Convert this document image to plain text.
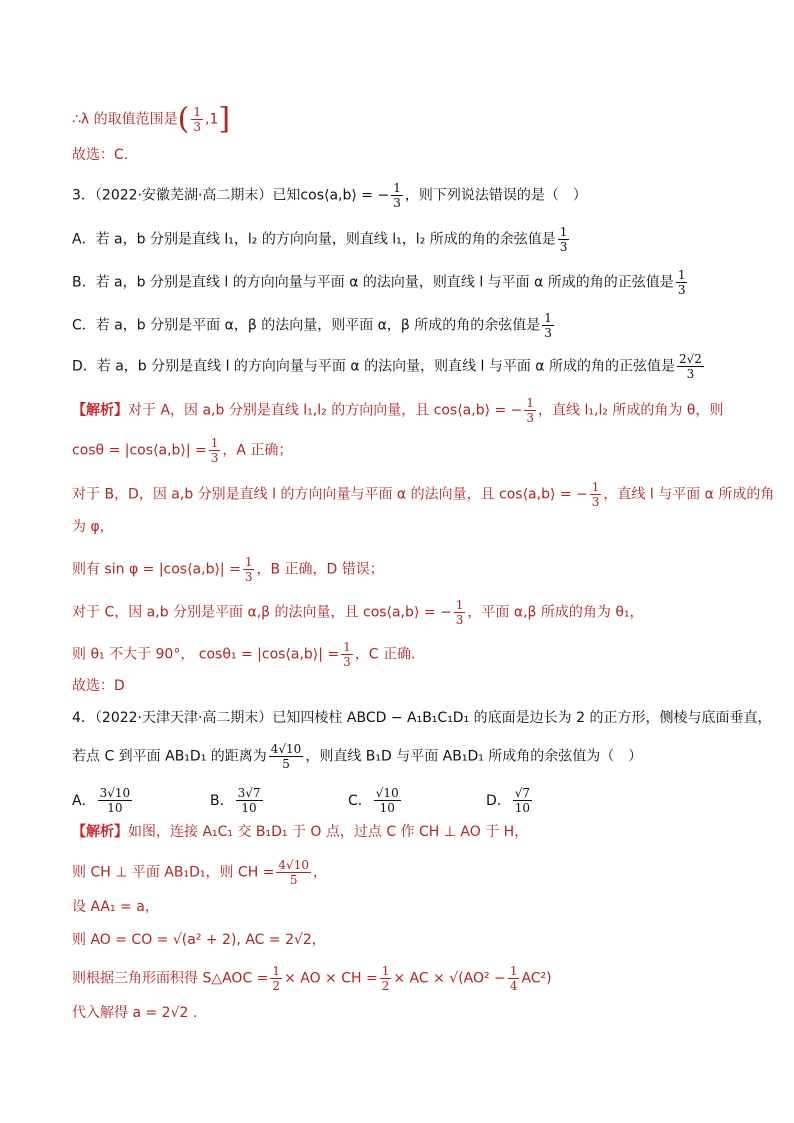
∴λ 的取值范围是( $\frac{1}{3} ,1$]
故选：C.
3．（2022·安徽芜湖·高二期末）已知cos⟨a,b⟩ = − $\frac{1}{3}$ ，则下列说法错误的是（　）
A．若 a，b 分别是直线 l₁，l₂ 的方向向量，则直线 l₁，l₂ 所成的角的余弦值是 $\frac{1}{3}$
B．若 a，b 分别是直线 l 的方向向量与平面 α 的法向量，则直线 l 与平面 α 所成的角的正弦值是 $\frac{1}{3}$
C．若 a，b 分别是平面 α，β 的法向量，则平面 α，β 所成的角的余弦值是 $\frac{1}{3}$
D．若 a，b 分别是直线 l 的方向向量与平面 α 的法向量，则直线 l 与平面 α 所成的角的正弦值是 $\frac{2√2}{3}$
【解析】对于 A，因 a,b 分别是直线 l₁,l₂ 的方向向量，且 cos⟨a,b⟩ = − $\frac{1}{3}$ ，直线 l₁,l₂ 所成的角为 θ，则
cosθ = |cos⟨a,b⟩| = $\frac{1}{3}$ ，A 正确；
对于 B，D，因 a,b 分别是直线 l 的方向向量与平面 α 的法向量，且 cos⟨a,b⟩ = − $\frac{1}{3}$ ，直线 l 与平面 α 所成的角
为 φ，
则有 sin φ = |cos⟨a,b⟩| = $\frac{1}{3}$ ，B 正确，D 错误；
对于 C，因 a,b 分别是平面 α,β 的法向量，且 cos⟨a,b⟩ = − $\frac{1}{3}$ ，平面 α,β 所成的角为 θ₁，
则 θ₁ 不大于 90°， cosθ₁ = |cos⟨a,b⟩| = $\frac{1}{3}$ ，C 正确.
故选：D
4．（2022·天津天津·高二期末）已知四棱柱 ABCD − A₁B₁C₁D₁ 的底面是边长为 2 的正方形，侧棱与底面垂直，
若点 C 到平面 AB₁D₁ 的距离为 $\frac{4√10}{5}$ ，则直线 B₁D 与平面 AB₁D₁ 所成角的余弦值为（　）
A． $\frac{3√10}{10}$	B． $\frac{3√7}{10}$	C． $\frac{√10}{10}$	D． $\frac{√7}{10}$
【解析】如图，连接 A₁C₁ 交 B₁D₁ 于 O 点，过点 C 作 CH ⊥ AO 于 H，
则 CH ⊥ 平面 AB₁D₁，则 CH = $\frac{4√10}{5}$ ，
设 AA₁ = a，
则 AO = CO = √(a² + 2), AC = 2√2，
则根据三角形面积得 S△AOC = $\frac{1}{2}$ × AO × CH = $\frac{1}{2}$ × AC × $√(AO^2 - \frac{1}{4} AC^2)$
代入解得 a = 2√2 .
